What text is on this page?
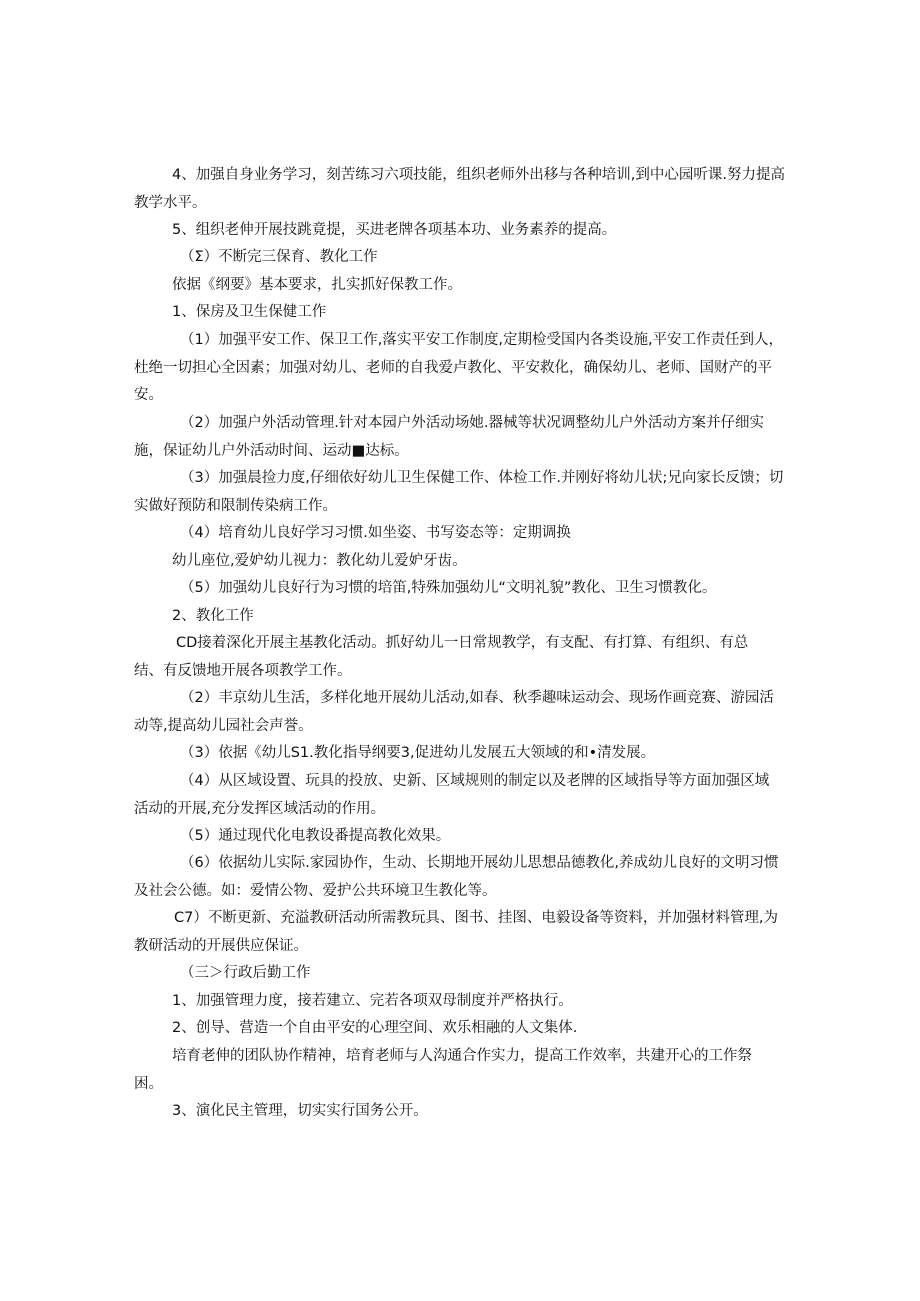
4、加强自身业务学习，刻苦练习六项技能，组织老师外出移与各种培训,到中心园听课.努力提高
教学水平。
5、组织老伸开展技跳竟提，买进老牌各项基本功、业务素养的提高。
（Σ）不断完三保育、教化工作
依据《纲要》基本要求，扎实抓好保教工作。
1、保房及卫生保健工作
（1）加强平安工作、保卫工作,落实平安工作制度,定期检受国内各类设施,平安工作责任到人，
杜绝一切担心全因素；加强对幼儿、老师的自我爱卢教化、平安救化，确保幼儿、老师、国财产的平
安。
（2）加强户外活动管理.针对本园户外活动场她.器械等状况调整幼儿户外活动方案并仔细实
施，保证幼儿户外活动时间、运动■达标。
（3）加强晨捡力度,仔细依好幼儿卫生保健工作、体检工作.并刚好将幼儿状;兄向家长反馈；切
实做好预防和限制传染病工作。
（4）培育幼儿良好学习习惯.如坐姿、书写姿态等：定期调换
幼儿座位,爱妒幼儿视力：教化幼儿爱妒牙齿。
（5）加强幼儿良好行为习惯的培笛,特殊加强幼儿“文明礼貌”教化、卫生习惯教化。
2、教化工作
CD接着深化开展主基教化活动。抓好幼儿一日常规教学，有支配、有打算、有组织、有总
结、有反馈地开展各项教学工作。
（2）丰京幼儿生活，多样化地开展幼儿活动,如春、秋季趣味运动会、现场作画竞赛、游园活
动等,提高幼儿园社会声誉。
（3）依据《幼儿S1.教化指导纲要3,促进幼儿发展五大领域的和•清发展。
（4）从区域设置、玩具的投放、史新、区域规则的制定以及老牌的区域指导等方面加强区域
活动的开展,充分发挥区域活动的作用。
（5）通过现代化电教设番提高教化效果。
（6）依据幼儿实际.家园协作，生动、长期地开展幼儿思想品德教化,养成幼儿良好的文明习惯
及社会公德。如：爱情公物、爱护公共环境卫生教化等。
C7）不断更新、充溢教研活动所需教玩具、图书、挂图、电毅设备等资料，并加强材料管理,为
教研活动的开展供应保证。
（三＞行政后勤工作
1、加强管理力度，接若建立、完若各项双母制度并严格执行。
2、创导、营造一个自由平安的心理空间、欢乐相融的人文集体.
培育老伸的团队协作精神，培育老师与人沟通合作实力，提高工作效率，共建开心的工作祭
困。
3、演化民主管理，切实实行国务公开。
